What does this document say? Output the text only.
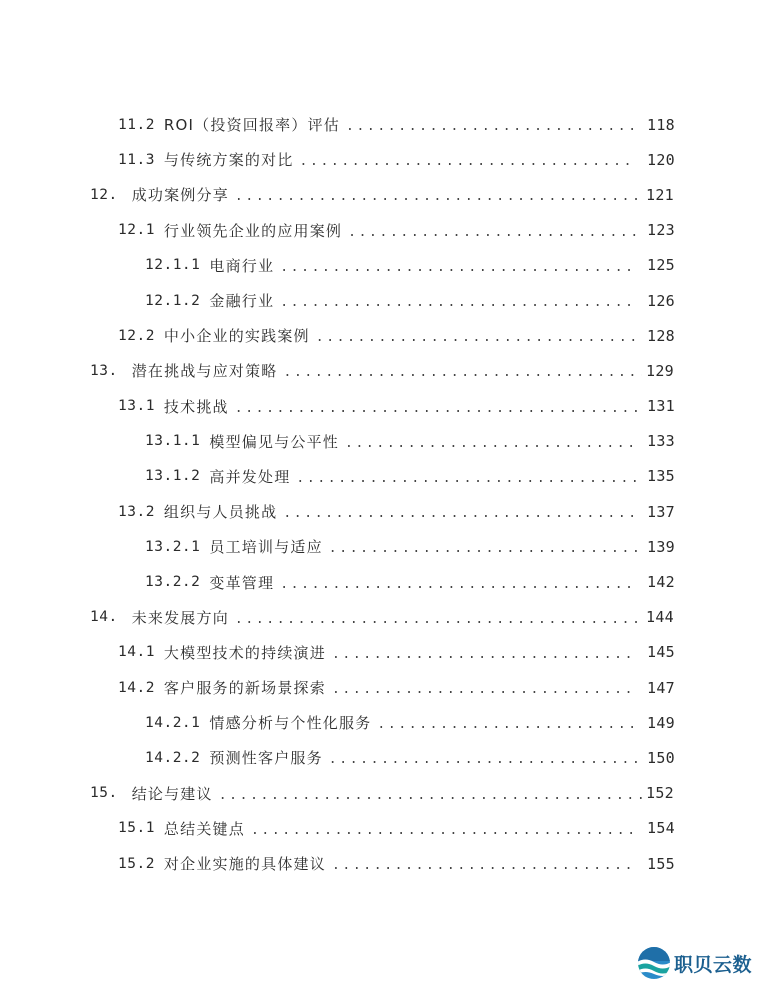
11.2 ROI（投资回报率）评估 . . .	118
11.3 与传统方案的对比 . . .	120
12. 成功案例分享 . . .	121
12.1 行业领先企业的应用案例 . . .	123
12.1.1 电商行业 . . .	125
12.1.2 金融行业 . . .	126
12.2 中小企业的实践案例 . . .	128
13. 潜在挑战与应对策略 . . .	129
13.1 技术挑战 . . .	131
13.1.1 模型偏见与公平性 . . .	133
13.1.2 高并发处理 . . .	135
13.2 组织与人员挑战 . . .	137
13.2.1 员工培训与适应 . . .	139
13.2.2 变革管理 . . .	142
14. 未来发展方向 . . .	144
14.1 大模型技术的持续演进 . . .	145
14.2 客户服务的新场景探索 . . .	147
14.2.1 情感分析与个性化服务 . . .	149
14.2.2 预测性客户服务 . . .	150
15. 结论与建议 . . .	152
15.1 总结关键点 . . .	154
15.2 对企业实施的具体建议 . . .	155
职贝云数
